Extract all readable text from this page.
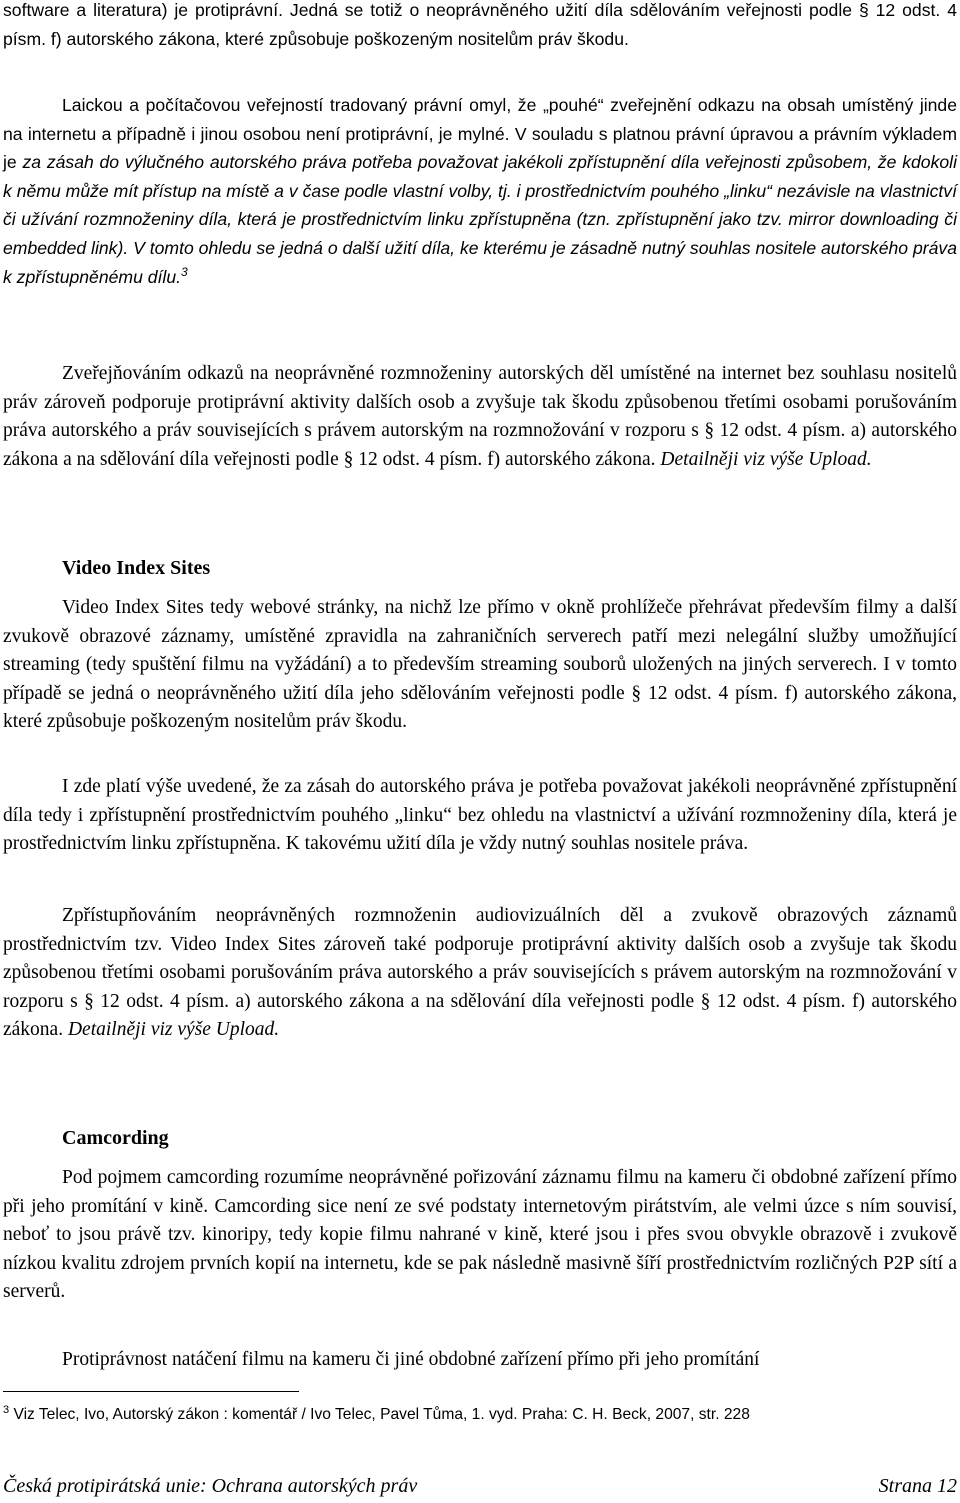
software a literatura) je protiprávní. Jedná se totiž o neoprávněného užití díla sdělováním veřejnosti podle § 12 odst. 4 písm. f) autorského zákona, které způsobuje poškozeným nositelům práv škodu.
Laickou a počítačovou veřejností tradovaný právní omyl, že „pouhé“ zveřejnění odkazu na obsah umístěný jinde na internetu a případně i jinou osobou není protiprávní, je mylné. V souladu s platnou právní úpravou a právním výkladem je za zásah do výlučného autorského práva potřeba považovat jakékoli zpřístupnění díla veřejnosti způsobem, že kdokoli k němu může mít přístup na místě a v čase podle vlastní volby, tj. i prostřednictvím pouhého „linku“ nezávisle na vlastnictví či užívání rozmnoženiny díla, která je prostřednictvím linku zpřístupněna (tzn. zpřístupnění jako tzv. mirror downloading či embedded link). V tomto ohledu se jedná o další užití díla, ke kterému je zásadně nutný souhlas nositele autorského práva k zpřístupněnému dílu.$^3$
Zveřejňováním odkazů na neoprávněné rozmnoženiny autorských děl umístěné na internet bez souhlasu nositelů práv zároveň podporuje protiprávní aktivity dalších osob a zvyšuje tak škodu způsobenou třetími osobami porušováním práva autorského a práv souvisejících s právem autorským na rozmnožování v rozporu s § 12 odst. 4 písm. a) autorského zákona a na sdělování díla veřejnosti podle § 12 odst. 4 písm. f) autorského zákona. Detailněji viz výše Upload.
Video Index Sites
Video Index Sites tedy webové stránky, na nichž lze přímo v okně prohlížeče přehrávat především filmy a další zvukově obrazové záznamy, umístěné zpravidla na zahraničních serverech patří mezi nelegální služby umožňující streaming (tedy spuštění filmu na vyžádání) a to především streaming souborů uložených na jiných serverech. I v tomto případě se jedná o neoprávněného užití díla jeho sdělováním veřejnosti podle § 12 odst. 4 písm. f) autorského zákona, které způsobuje poškozeným nositelům práv škodu.
I zde platí výše uvedené, že za zásah do autorského práva je potřeba považovat jakékoli neoprávněné zpřístupnění díla tedy i zpřístupnění prostřednictvím pouhého „linku“ bez ohledu na vlastnictví a užívání rozmnoženiny díla, která je prostřednictvím linku zpřístupněna. K takovému užití díla je vždy nutný souhlas nositele práva.
Zpřístupňováním neoprávněných rozmnoženin audiovizuálních děl a zvukově obrazových záznamů prostřednictvím tzv. Video Index Sites zároveň také podporuje protiprávní aktivity dalších osob a zvyšuje tak škodu způsobenou třetími osobami porušováním práva autorského a práv souvisejících s právem autorským na rozmnožování v rozporu s § 12 odst. 4 písm. a) autorského zákona a na sdělování díla veřejnosti podle § 12 odst. 4 písm. f) autorského zákona. Detailněji viz výše Upload.
Camcording
Pod pojmem camcording rozumíme neoprávněné pořizování záznamu filmu na kameru či obdobné zařízení přímo při jeho promítání v kině. Camcording sice není ze své podstaty internetovým pirátstvím, ale velmi úzce s ním souvisí, neboť to jsou právě tzv. kinoripy, tedy kopie filmu nahrané v kině, které jsou i přes svou obvykle obrazově i zvukově nízkou kvalitu zdrojem prvních kopií na internetu, kde se pak následně masivně šíří prostřednictvím rozličných P2P sítí a serverů.
Protiprávnost natáčení filmu na kameru či jiné obdobné zařízení přímo při jeho promítání
$^3$ Viz Telec, Ivo, Autorský zákon : komentář / Ivo Telec, Pavel Tůma, 1. vyd. Praha: C. H. Beck, 2007, str. 228
Česká protipirátská unie: Ochrana autorských práv	Strana 12
